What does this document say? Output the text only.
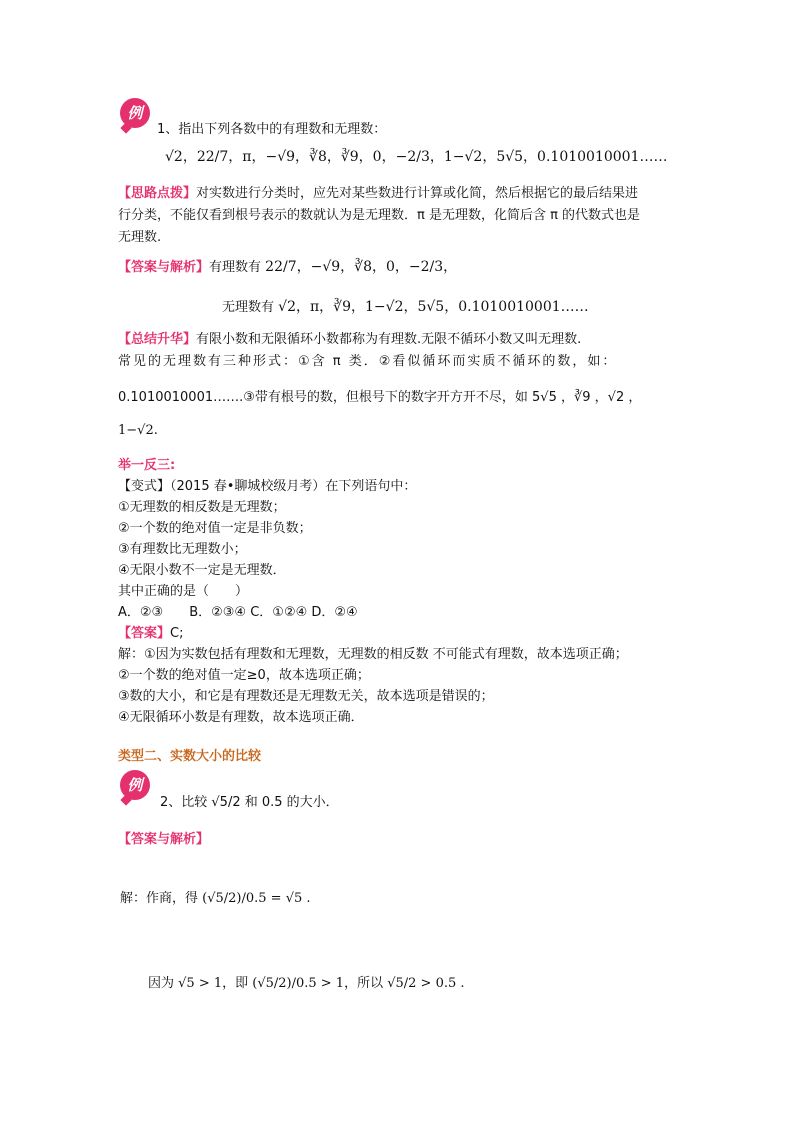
例
1、指出下列各数中的有理数和无理数：
√2，22/7，π，−√9，∛8，∛9，0，−2/3，1−√2，5√5，0.1010010001……
【思路点拨】对实数进行分类时，应先对某些数进行计算或化简，然后根据它的最后结果进
行分类，不能仅看到根号表示的数就认为是无理数．π 是无理数，化简后含 π 的代数式也是
无理数.
【答案与解析】有理数有 22/7，−√9，∛8，0，−2/3，
无理数有 √2，π，∛9，1−√2，5√5，0.1010010001……
【总结升华】有限小数和无限循环小数都称为有理数.无限不循环小数又叫无理数.
常见的无理数有三种形式：①含 π 类．②看似循环而实质不循环的数，如：
0.1010010001…….③带有根号的数，但根号下的数字开方开不尽，如 5√5 ，∛9 ，√2 ，
1−√2.
举一反三:
【变式】（2015 春•聊城校级月考）在下列语句中：
①无理数的相反数是无理数；
②一个数的绝对值一定是非负数；
③有理数比无理数小；
④无限小数不一定是无理数．
其中正确的是（　　）
A．②③　　B．②③④ C．①②④ D．②④
【答案】C;
解：①因为实数包括有理数和无理数，无理数的相反数 不可能式有理数，故本选项正确；
②一个数的绝对值一定≥0，故本选项正确；
③数的大小，和它是有理数还是无理数无关，故本选项是错误的；
④无限循环小数是有理数，故本选项正确．
类型二、实数大小的比较
例
2、比较 √5/2 和 0.5 的大小．
【答案与解析】
解：作商，得 (√5/2)/0.5 = √5 .
因为 √5 > 1，即 (√5/2)/0.5 > 1，所以 √5/2 > 0.5 .
